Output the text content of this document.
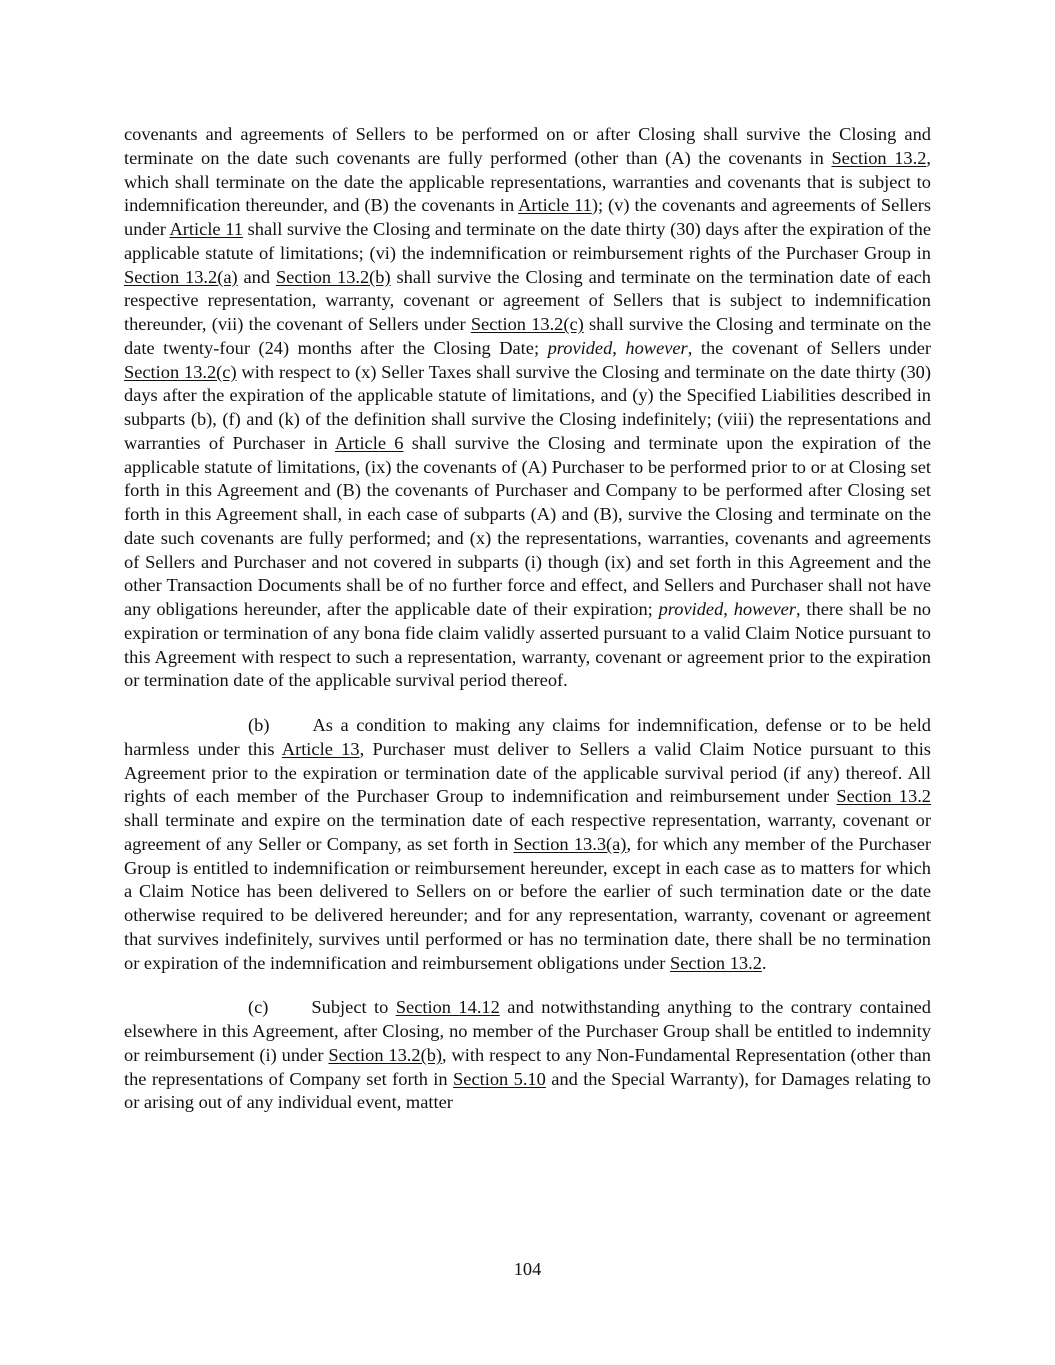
covenants and agreements of Sellers to be performed on or after Closing shall survive the Closing and terminate on the date such covenants are fully performed (other than (A) the covenants in Section 13.2, which shall terminate on the date the applicable representations, warranties and covenants that is subject to indemnification thereunder, and (B) the covenants in Article 11); (v) the covenants and agreements of Sellers under Article 11 shall survive the Closing and terminate on the date thirty (30) days after the expiration of the applicable statute of limitations; (vi) the indemnification or reimbursement rights of the Purchaser Group in Section 13.2(a) and Section 13.2(b) shall survive the Closing and terminate on the termination date of each respective representation, warranty, covenant or agreement of Sellers that is subject to indemnification thereunder, (vii) the covenant of Sellers under Section 13.2(c) shall survive the Closing and terminate on the date twenty-four (24) months after the Closing Date; provided, however, the covenant of Sellers under Section 13.2(c) with respect to (x) Seller Taxes shall survive the Closing and terminate on the date thirty (30) days after the expiration of the applicable statute of limitations, and (y) the Specified Liabilities described in subparts (b), (f) and (k) of the definition shall survive the Closing indefinitely; (viii) the representations and warranties of Purchaser in Article 6 shall survive the Closing and terminate upon the expiration of the applicable statute of limitations, (ix) the covenants of (A) Purchaser to be performed prior to or at Closing set forth in this Agreement and (B) the covenants of Purchaser and Company to be performed after Closing set forth in this Agreement shall, in each case of subparts (A) and (B), survive the Closing and terminate on the date such covenants are fully performed; and (x) the representations, warranties, covenants and agreements of Sellers and Purchaser and not covered in subparts (i) though (ix) and set forth in this Agreement and the other Transaction Documents shall be of no further force and effect, and Sellers and Purchaser shall not have any obligations hereunder, after the applicable date of their expiration; provided, however, there shall be no expiration or termination of any bona fide claim validly asserted pursuant to a valid Claim Notice pursuant to this Agreement with respect to such a representation, warranty, covenant or agreement prior to the expiration or termination date of the applicable survival period thereof.

(b) As a condition to making any claims for indemnification, defense or to be held harmless under this Article 13, Purchaser must deliver to Sellers a valid Claim Notice pursuant to this Agreement prior to the expiration or termination date of the applicable survival period (if any) thereof. All rights of each member of the Purchaser Group to indemnification and reimbursement under Section 13.2 shall terminate and expire on the termination date of each respective representation, warranty, covenant or agreement of any Seller or Company, as set forth in Section 13.3(a), for which any member of the Purchaser Group is entitled to indemnification or reimbursement hereunder, except in each case as to matters for which a Claim Notice has been delivered to Sellers on or before the earlier of such termination date or the date otherwise required to be delivered hereunder; and for any representation, warranty, covenant or agreement that survives indefinitely, survives until performed or has no termination date, there shall be no termination or expiration of the indemnification and reimbursement obligations under Section 13.2.

(c) Subject to Section 14.12 and notwithstanding anything to the contrary contained elsewhere in this Agreement, after Closing, no member of the Purchaser Group shall be entitled to indemnity or reimbursement (i) under Section 13.2(b), with respect to any Non-Fundamental Representation (other than the representations of Company set forth in Section 5.10 and the Special Warranty), for Damages relating to or arising out of any individual event, matter

104
